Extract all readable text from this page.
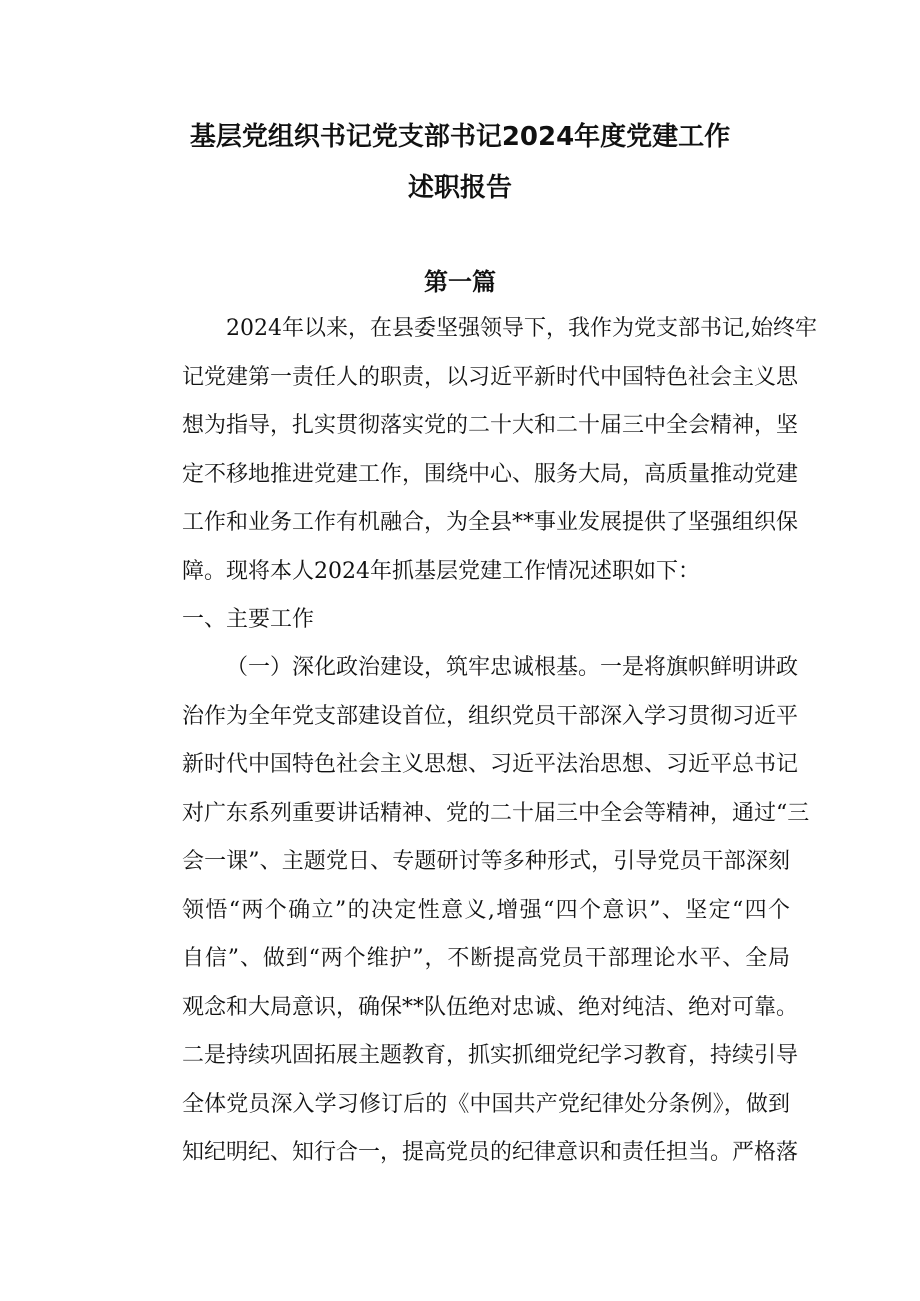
基层党组织书记党支部书记2024年度党建工作
述职报告
第一篇
2024年以来，在县委坚强领导下，我作为党支部书记,始终牢
记党建第一责任人的职责，以习近平新时代中国特色社会主义思
想为指导，扎实贯彻落实党的二十大和二十届三中全会精神，坚
定不移地推进党建工作，围绕中心、服务大局，高质量推动党建
工作和业务工作有机融合，为全县**事业发展提供了坚强组织保
障。现将本人2024年抓基层党建工作情况述职如下：
一、主要工作
（一）深化政治建设，筑牢忠诚根基。一是将旗帜鲜明讲政
治作为全年党支部建设首位，组织党员干部深入学习贯彻习近平
新时代中国特色社会主义思想、习近平法治思想、习近平总书记
对广东系列重要讲话精神、党的二十届三中全会等精神，通过“三
会一课”、主题党日、专题研讨等多种形式，引导党员干部深刻
领悟“两个确立”的决定性意义,增强“四个意识”、坚定“四个
自信”、做到“两个维护”，不断提高党员干部理论水平、全局
观念和大局意识，确保**队伍绝对忠诚、绝对纯洁、绝对可靠。
二是持续巩固拓展主题教育，抓实抓细党纪学习教育，持续引导
全体党员深入学习修订后的《中国共产党纪律处分条例》，做到
知纪明纪、知行合一，提高党员的纪律意识和责任担当。严格落
